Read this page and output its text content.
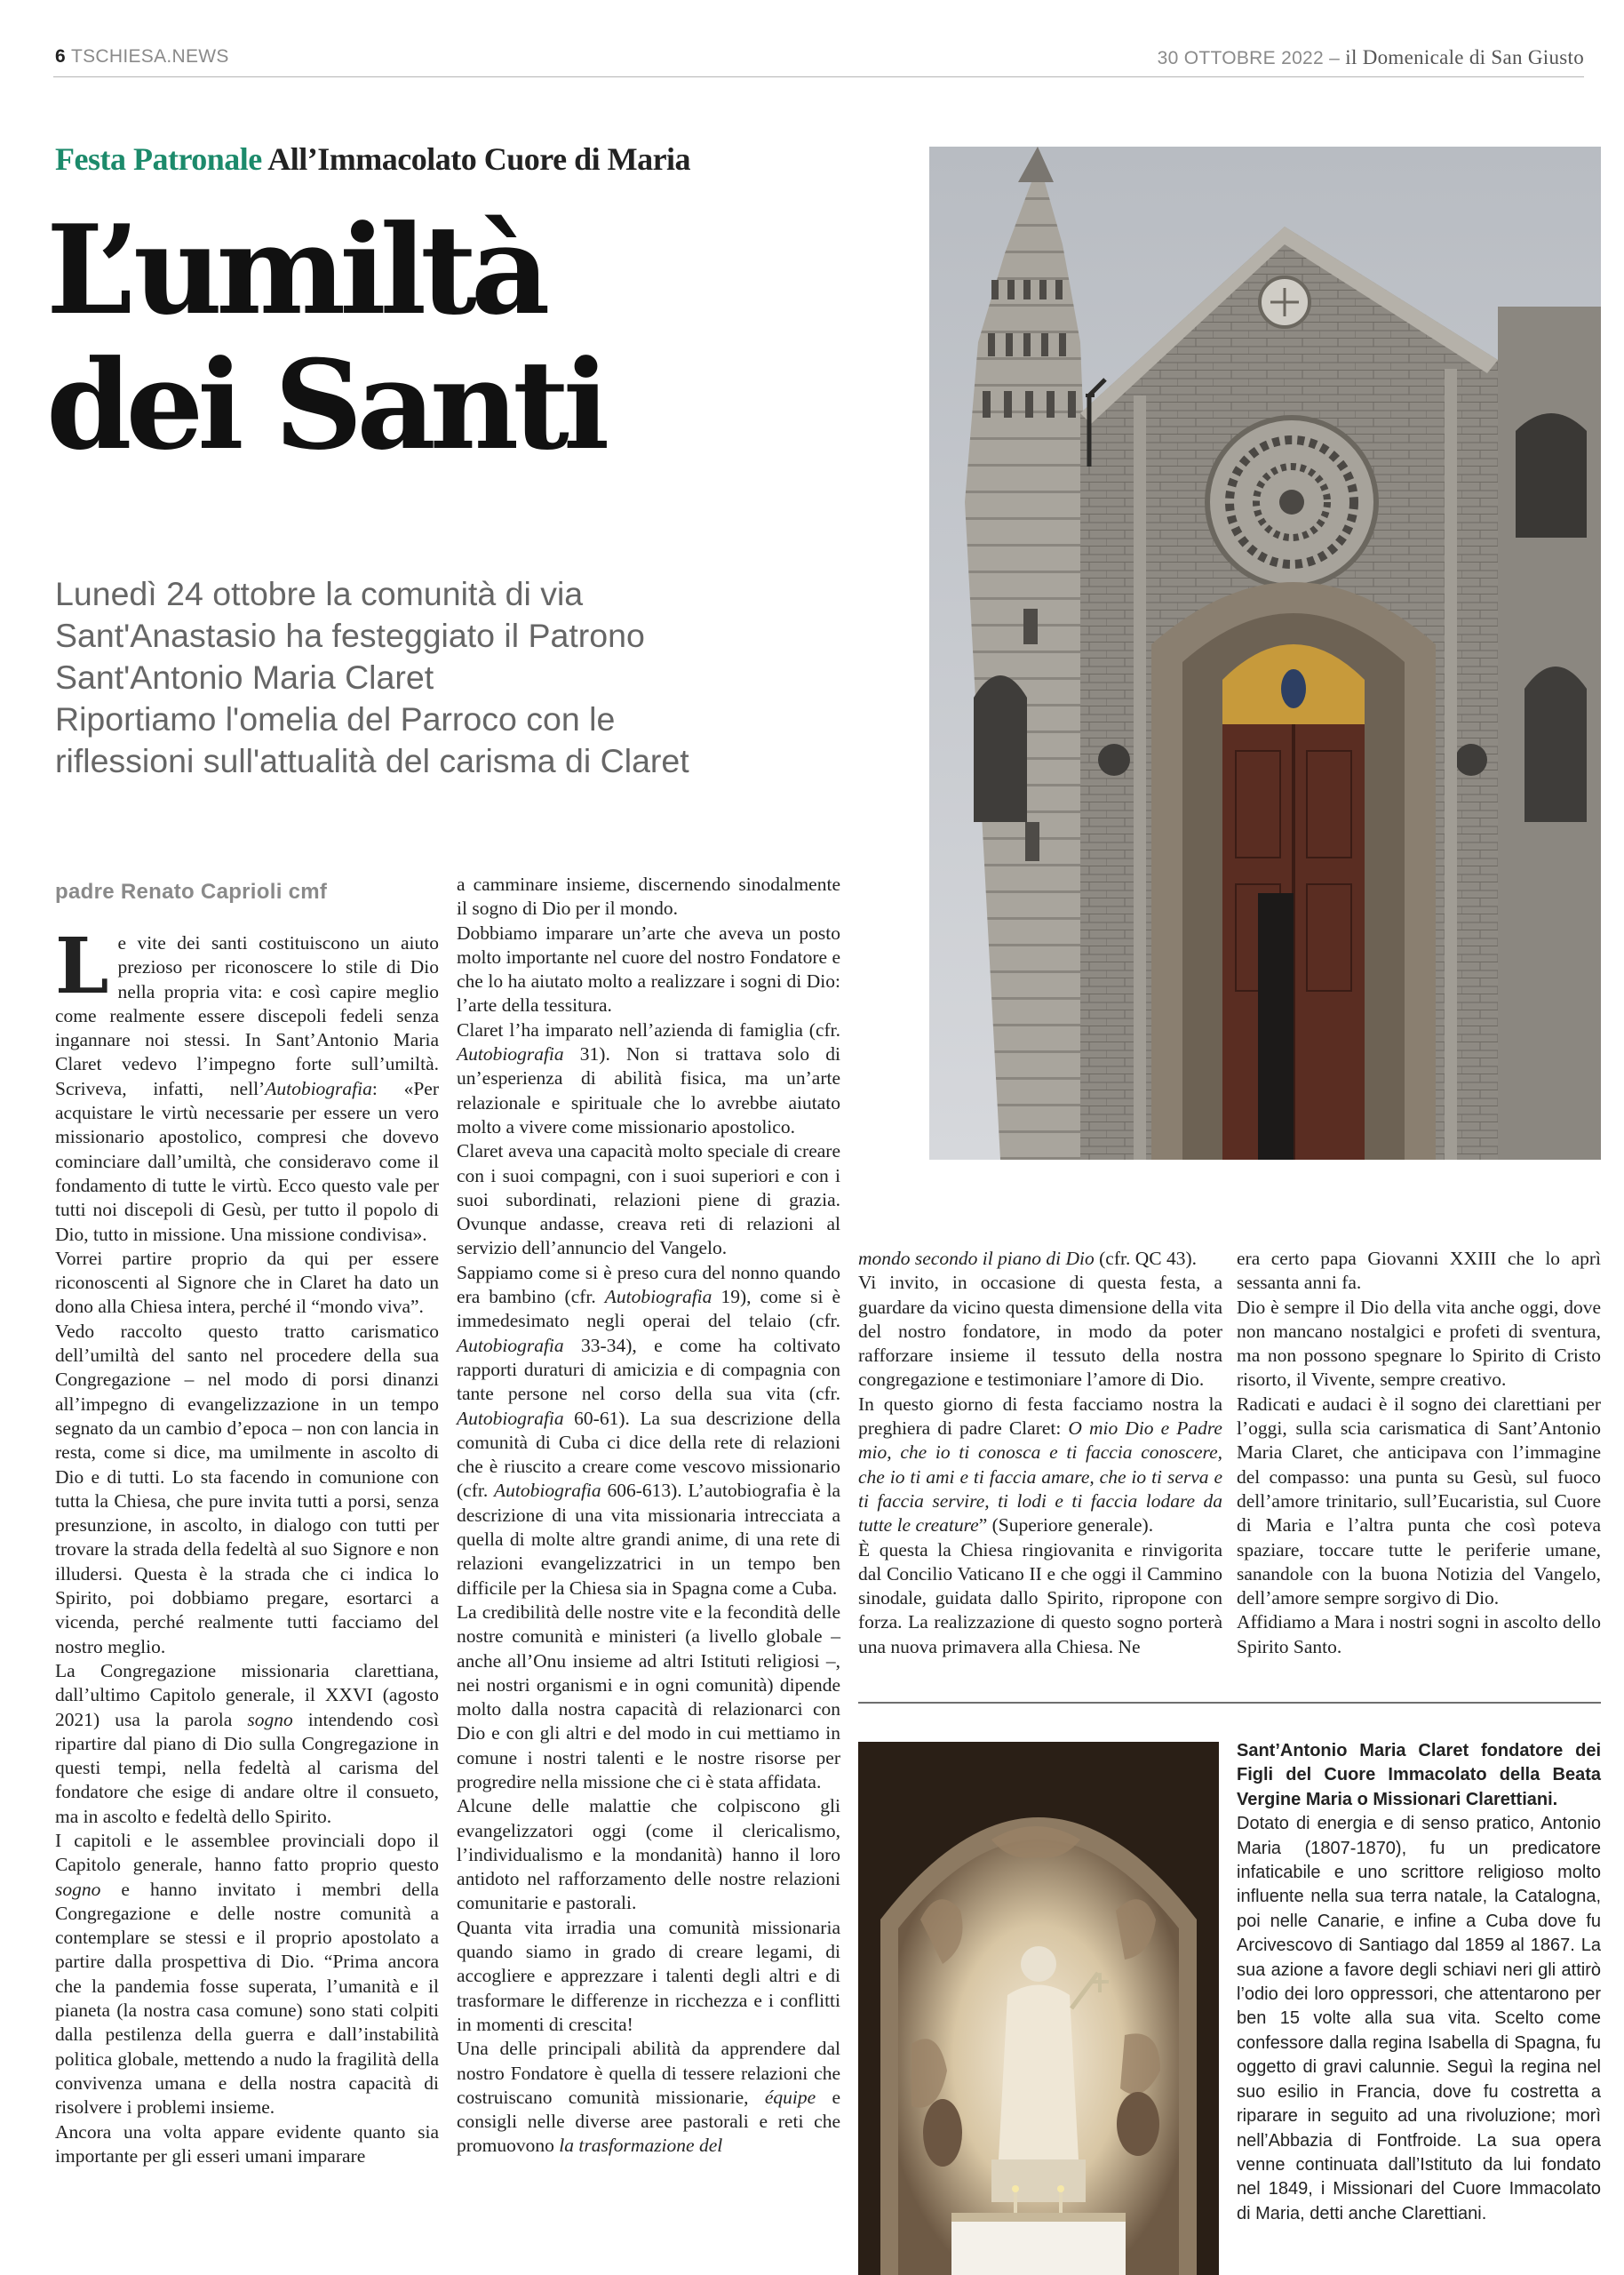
6 TSCHIESA.NEWS	30 OTTOBRE 2022 – il Domenicale di San Giusto
Festa Patronale All’Immacolato Cuore di Maria
L’umiltà
dei Santi
Lunedì 24 ottobre la comunità di via
Sant'Anastasio ha festeggiato il Patrono
Sant'Antonio Maria Claret
Riportiamo l'omelia del Parroco con le
riflessioni sull'attualità del carisma di Claret
padre Renato Caprioli cmf
L e vite dei santi costituiscono un aiuto prezioso per riconoscere lo stile di Dio nella propria vita: e così capire meglio come realmente essere discepoli fedeli senza ingannare noi stessi. In Sant’Antonio Maria Claret vedevo l’impegno forte sull’umiltà. Scriveva, infatti, nell’Autobiografia: «Per acquistare le virtù necessarie per essere un vero missionario apostolico, compresi che dovevo cominciare dall’umiltà, che consideravo come il fondamento di tutte le virtù. Ecco questo vale per tutti noi discepoli di Gesù, per tutto il popolo di Dio, tutto in missione. Una missione condivisa».

Vorrei partire proprio da qui per essere riconoscenti al Signore che in Claret ha dato un dono alla Chiesa intera, perché il “mondo viva”.

Vedo raccolto questo tratto carismatico dell’umiltà del santo nel procedere della sua Congregazione – nel modo di porsi dinanzi all’impegno di evangelizzazione in un tempo segnato da un cambio d’epoca – non con lancia in resta, come si dice, ma umilmente in ascolto di Dio e di tutti. Lo sta facendo in comunione con tutta la Chiesa, che pure invita tutti a porsi, senza presunzione, in ascolto, in dialogo con tutti per trovare la strada della fedeltà al suo Signore e non illudersi. Questa è la strada che ci indica lo Spirito, poi dobbiamo pregare, esortarci a vicenda, perché realmente tutti facciamo del nostro meglio.

La Congregazione missionaria clarettiana, dall’ultimo Capitolo generale, il XXVI (agosto 2021) usa la parola sogno intendendo così ripartire dal piano di Dio sulla Congregazione in questi tempi, nella fedeltà al carisma del fondatore che esige di andare oltre il consueto, ma in ascolto e fedeltà dello Spirito.

I capitoli e le assemblee provinciali dopo il Capitolo generale, hanno fatto proprio questo sogno e hanno invitato i membri della Congregazione e delle nostre comunità a contemplare se stessi e il proprio apostolato a partire dalla prospettiva di Dio. “Prima ancora che la pandemia fosse superata, l’umanità e il pianeta (la nostra casa comune) sono stati colpiti dalla pestilenza della guerra e dall’instabilità politica globale, mettendo a nudo la fragilità della convivenza umana e della nostra capacità di risolvere i problemi insieme.

Ancora una volta appare evidente quanto sia importante per gli esseri umani imparare

a camminare insieme, discernendo sinodalmente il sogno di Dio per il mondo.

Dobbiamo imparare un’arte che aveva un posto molto importante nel cuore del nostro Fondatore e che lo ha aiutato molto a realizzare i sogni di Dio: l’arte della tessitura.

Claret l’ha imparato nell’azienda di famiglia (cfr. Autobiografia 31). Non si trattava solo di un’esperienza di abilità fisica, ma un’arte relazionale e spirituale che lo avrebbe aiutato molto a vivere come missionario apostolico.

Claret aveva una capacità molto speciale di creare con i suoi compagni, con i suoi superiori e con i suoi subordinati, relazioni piene di grazia. Ovunque andasse, creava reti di relazioni al servizio dell’annuncio del Vangelo.

Sappiamo come si è preso cura del nonno quando era bambino (cfr. Autobiografia 19), come si è immedesimato negli operai del telaio (cfr. Autobiografia 33-34), e come ha coltivato rapporti duraturi di amicizia e di compagnia con tante persone nel corso della sua vita (cfr. Autobiografia 60-61). La sua descrizione della comunità di Cuba ci dice della rete di relazioni che è riuscito a creare come vescovo missionario (cfr. Autobiografia 606-613). L’autobiografia è la descrizione di una vita missionaria intrecciata a quella di molte altre grandi anime, di una rete di relazioni evangelizzatrici in un tempo ben difficile per la Chiesa sia in Spagna come a Cuba.

La credibilità delle nostre vite e la fecondità delle nostre comunità e ministeri (a livello globale – anche all’Onu insieme ad altri Istituti religiosi –, nei nostri organismi e in ogni comunità) dipende molto dalla nostra capacità di relazionarci con Dio e con gli altri e del modo in cui mettiamo in comune i nostri talenti e le nostre risorse per progredire nella missione che ci è stata affidata.

Alcune delle malattie che colpiscono gli evangelizzatori oggi (come il clericalismo, l’individualismo e la mondanità) hanno il loro antidoto nel rafforzamento delle nostre relazioni comunitarie e pastorali.

Quanta vita irradia una comunità missionaria quando siamo in grado di creare legami, di accogliere e apprezzare i talenti degli altri e di trasformare le differenze in ricchezza e i conflitti in momenti di crescita!

Una delle principali abilità da apprendere dal nostro Fondatore è quella di tessere relazioni che costruiscano comunità missionarie, équipe e consigli nelle diverse aree pastorali e reti che promuovono la trasformazione del

mondo secondo il piano di Dio (cfr. QC 43).

Vi invito, in occasione di questa festa, a guardare da vicino questa dimensione della vita del nostro fondatore, in modo da poter rafforzare insieme il tessuto della nostra congregazione e testimoniare l’amore di Dio.

In questo giorno di festa facciamo nostra la preghiera di padre Claret: O mio Dio e Padre mio, che io ti conosca e ti faccia conoscere, che io ti ami e ti faccia amare, che io ti serva e ti faccia servire, ti lodi e ti faccia lodare da tutte le creature” (Superiore generale).

È questa la Chiesa ringiovanita e rinvigorita dal Concilio Vaticano II e che oggi il Cammino sinodale, guidata dallo Spirito, ripropone con forza. La realizzazione di questo sogno porterà una nuova primavera alla Chiesa. Ne

era certo papa Giovanni XXIII che lo aprì sessanta anni fa.

Dio è sempre il Dio della vita anche oggi, dove non mancano nostalgici e profeti di sventura, ma non possono spegnare lo Spirito di Cristo risorto, il Vivente, sempre creativo.

Radicati e audaci è il sogno dei clarettiani per l’oggi, sulla scia carismatica di Sant’Antonio Maria Claret, che anticipava con l’immagine del compasso: una punta su Gesù, sul fuoco dell’amore trinitario, sull’Eucaristia, sul Cuore di Maria e l’altra punta che così poteva spaziare, toccare tutte le periferie umane, sanandole con la buona Notizia del Vangelo, dell’amore sempre sorgivo di Dio.

Affidiamo a Mara i nostri sogni in ascolto dello Spirito Santo.

Sant’Antonio Maria Claret fondatore dei Figli del Cuore Immacolato della Beata Vergine Maria o Missionari Clarettiani.
Dotato di energia e di senso pratico, Antonio Maria (1807-1870), fu un predicatore infaticabile e uno scrittore religioso molto influente nella sua terra natale, la Catalogna, poi nelle Canarie, e infine a Cuba dove fu Arcivescovo di Santiago dal 1859 al 1867. La sua azione a favore degli schiavi neri gli attirò l’odio dei loro oppressori, che attentarono per ben 15 volte alla sua vita. Scelto come confessore dalla regina Isabella di Spagna, fu oggetto di gravi calunnie. Seguì la regina nel suo esilio in Francia, dove fu costretta a riparare in seguito ad una rivoluzione; morì nell’Abbazia di Fontfroide. La sua opera venne continuata dall’Istituto da lui fondato nel 1849, i Missionari del Cuore Immacolato di Maria, detti anche Clarettiani.
